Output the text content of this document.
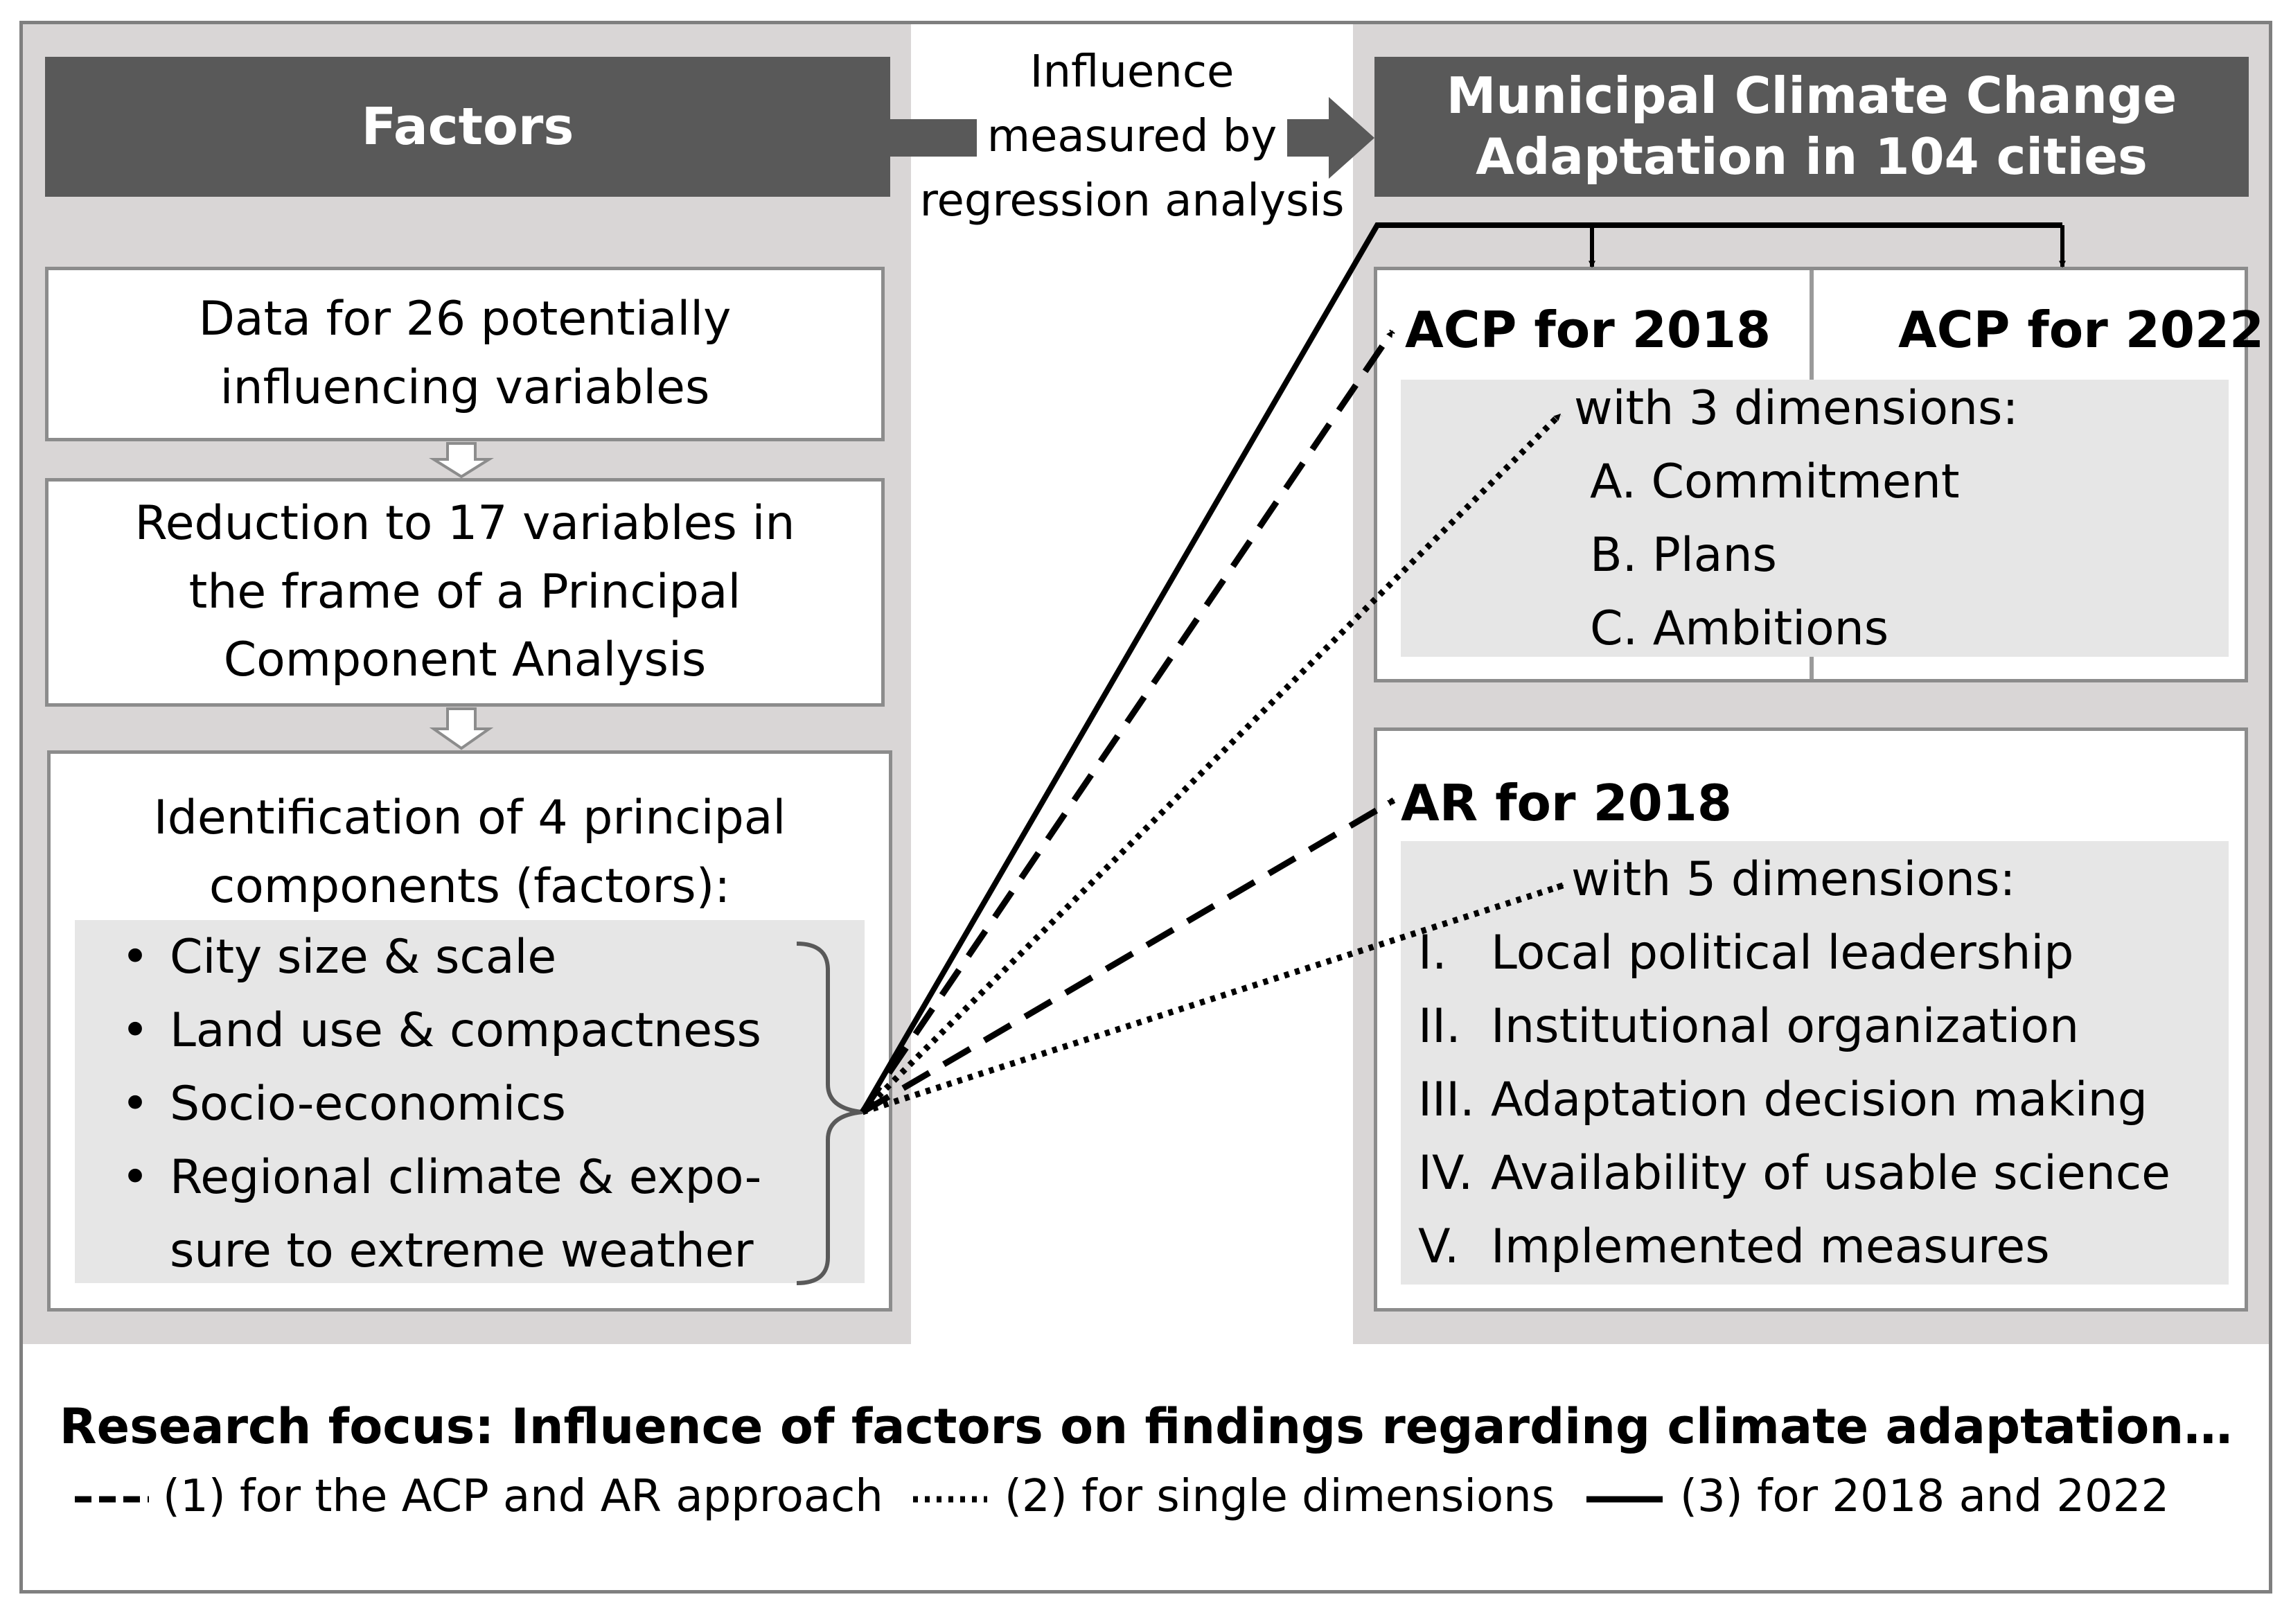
Factors
Municipal Climate Change
Adaptation in 104 cities
Influence
measured by
regression analysis
Data for 26 potentially
influencing variables
Reduction to 17 variables in
the frame of a Principal
Component Analysis
Identification of 4 principal
components (factors):
• City size & scale
• Land use & compactness
• Socio-economics
• Regional climate & expo-
sure to extreme weather
ACP for 2018	ACP for 2022
with 3 dimensions:
A. Commitment
B. Plans
C. Ambitions
AR for 2018
with 5 dimensions:
I. Local political leadership
II. Institutional organization
III. Adaptation decision making
IV. Availability of usable science
V. Implemented measures
Research focus: Influence of factors on findings regarding climate adaptation…
(1) for the ACP and AR approach	(2) for single dimensions	(3) for 2018 and 2022
